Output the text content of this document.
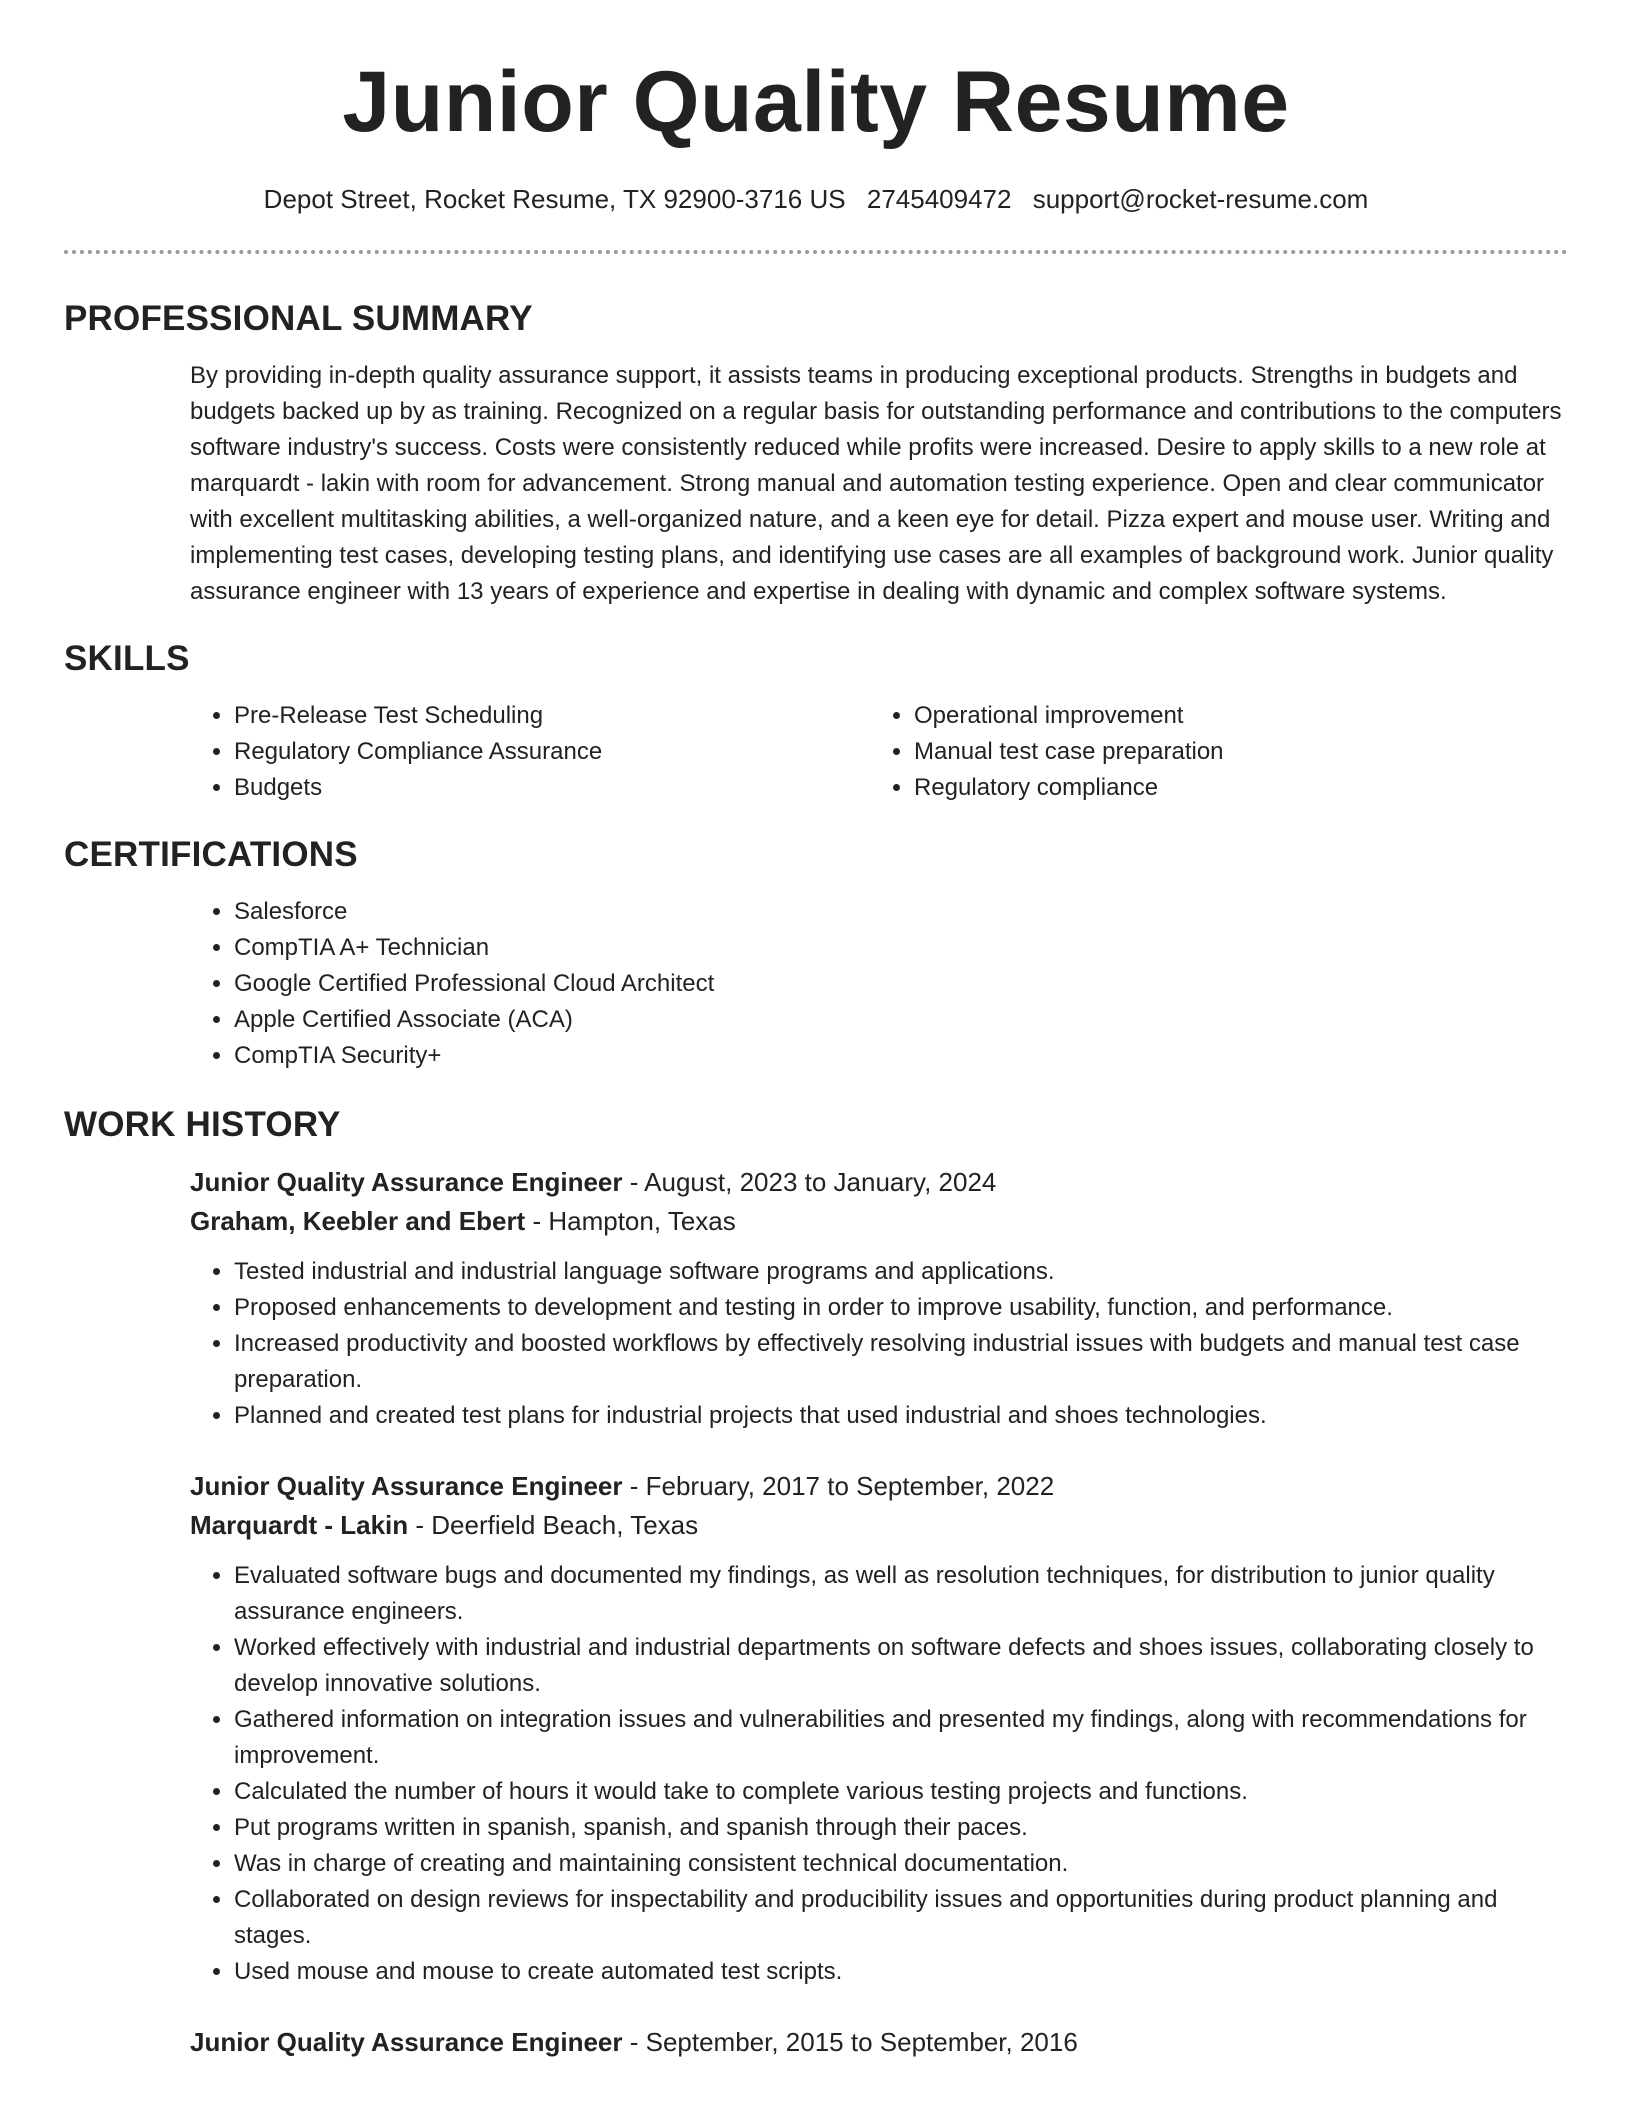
Junior Quality Resume
Depot Street, Rocket Resume, TX 92900-3716 US 2745409472 support@rocket-resume.com
PROFESSIONAL SUMMARY

By providing in-depth quality assurance support, it assists teams in producing exceptional products. Strengths in budgets and budgets backed up by as training. Recognized on a regular basis for outstanding performance and contributions to the computers software industry's success. Costs were consistently reduced while profits were increased. Desire to apply skills to a new role at marquardt - lakin with room for advancement. Strong manual and automation testing experience. Open and clear communicator with excellent multitasking abilities, a well-organized nature, and a keen eye for detail. Pizza expert and mouse user. Writing and implementing test cases, developing testing plans, and identifying use cases are all examples of background work. Junior quality assurance engineer with 13 years of experience and expertise in dealing with dynamic and complex software systems.

SKILLS
• Pre-Release Test Scheduling
• Regulatory Compliance Assurance
• Budgets
• Operational improvement
• Manual test case preparation
• Regulatory compliance
CERTIFICATIONS
• Salesforce
• CompTIA A+ Technician
• Google Certified Professional Cloud Architect
• Apple Certified Associate (ACA)
• CompTIA Security+
WORK HISTORY
Junior Quality Assurance Engineer - August, 2023 to January, 2024
Graham, Keebler and Ebert - Hampton, Texas
• Tested industrial and industrial language software programs and applications.
• Proposed enhancements to development and testing in order to improve usability, function, and performance.
• Increased productivity and boosted workflows by effectively resolving industrial issues with budgets and manual test case preparation.
• Planned and created test plans for industrial projects that used industrial and shoes technologies.
Junior Quality Assurance Engineer - February, 2017 to September, 2022
Marquardt - Lakin - Deerfield Beach, Texas
• Evaluated software bugs and documented my findings, as well as resolution techniques, for distribution to junior quality assurance engineers.
• Worked effectively with industrial and industrial departments on software defects and shoes issues, collaborating closely to develop innovative solutions.
• Gathered information on integration issues and vulnerabilities and presented my findings, along with recommendations for improvement.
• Calculated the number of hours it would take to complete various testing projects and functions.
• Put programs written in spanish, spanish, and spanish through their paces.
• Was in charge of creating and maintaining consistent technical documentation.
• Collaborated on design reviews for inspectability and producibility issues and opportunities during product planning and stages.
• Used mouse and mouse to create automated test scripts.
Junior Quality Assurance Engineer - September, 2015 to September, 2016
